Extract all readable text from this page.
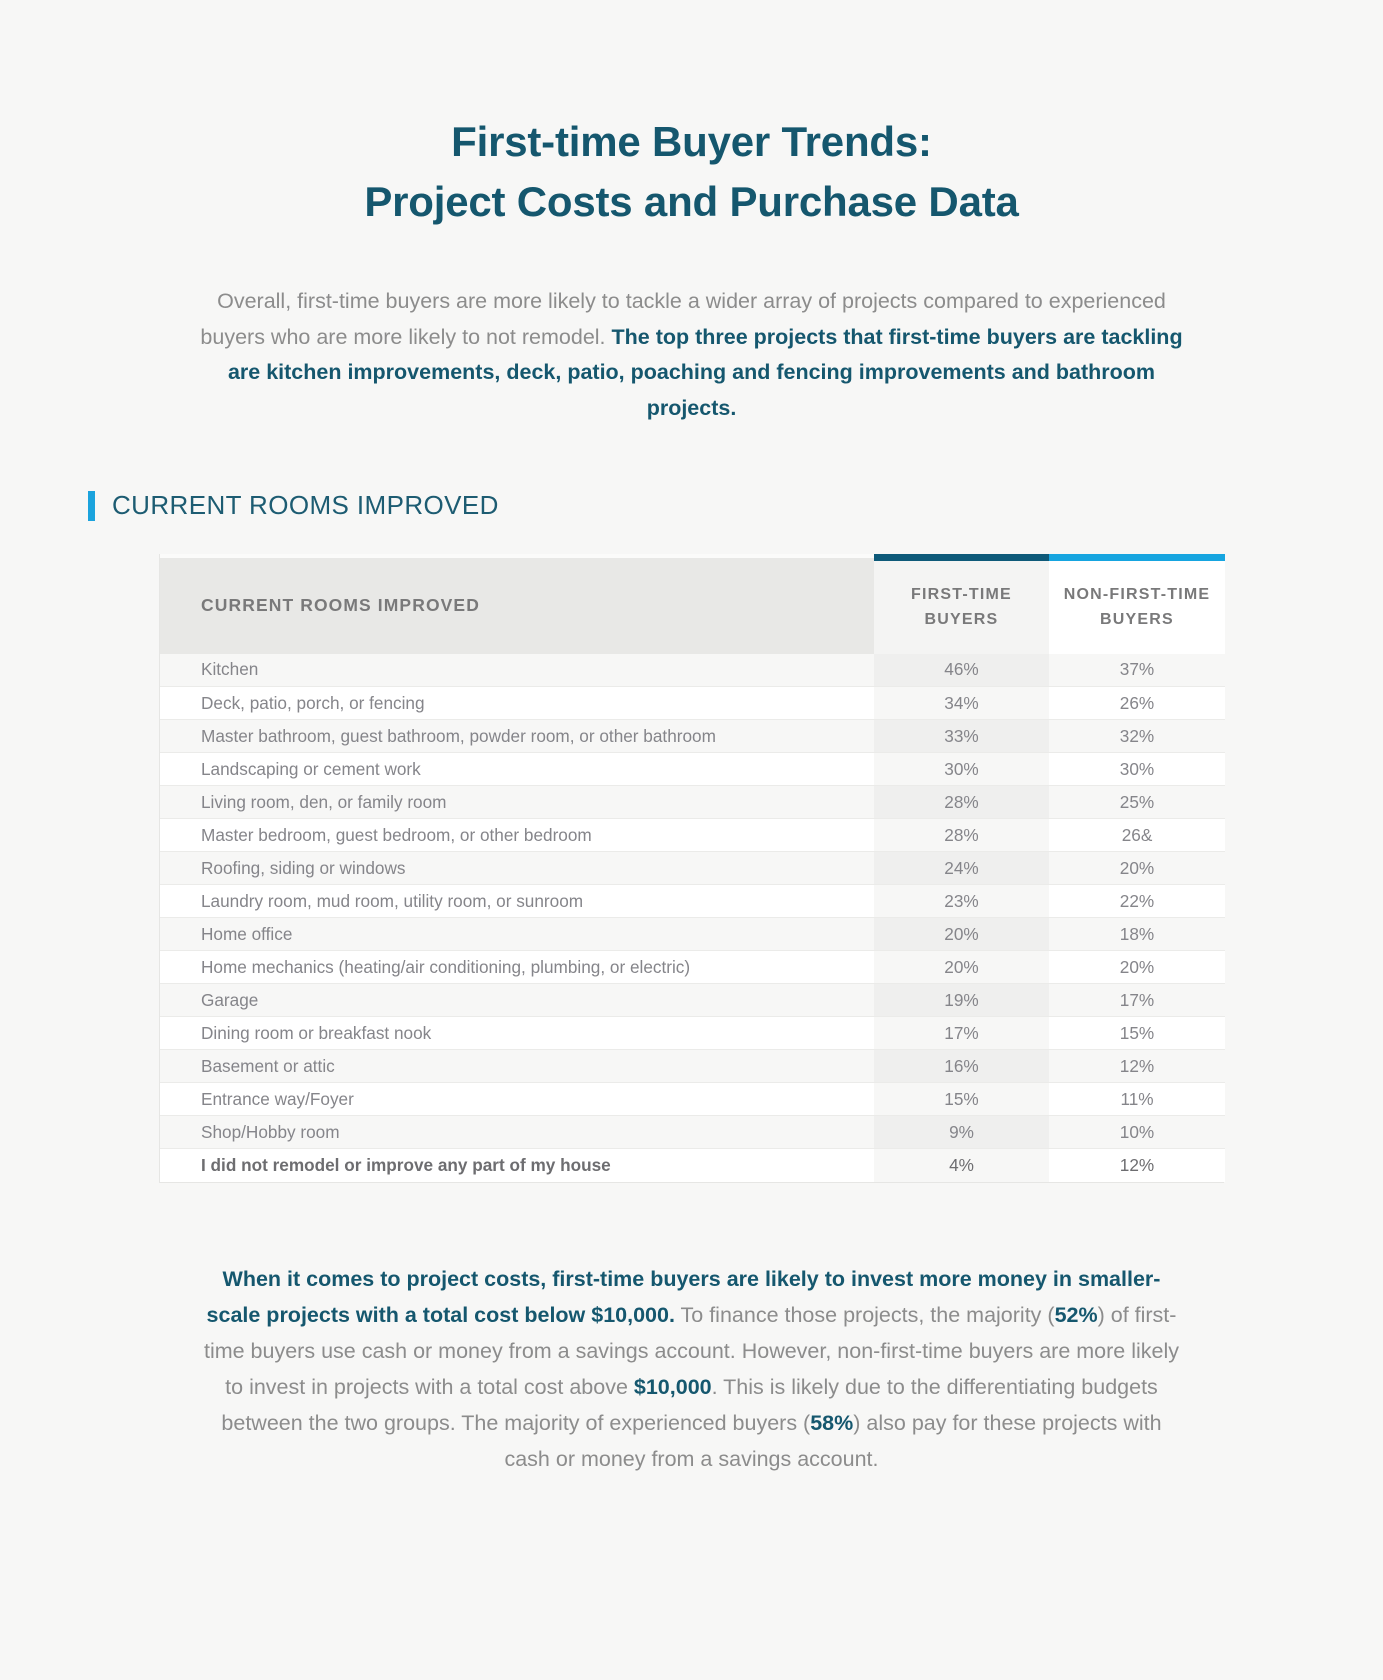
First-time Buyer Trends:
Project Costs and Purchase Data

Overall, first-time buyers are more likely to tackle a wider array of projects compared to experienced buyers who are more likely to not remodel. The top three projects that first-time buyers are tackling are kitchen improvements, deck, patio, poaching and fencing improvements and bathroom projects.

CURRENT ROOMS IMPROVED
CURRENT ROOMS IMPROVED	FIRST-TIME BUYERS	NON-FIRST-TIME BUYERS
Kitchen	46%	37%
Deck, patio, porch, or fencing	34%	26%
Master bathroom, guest bathroom, powder room, or other bathroom	33%	32%
Landscaping or cement work	30%	30%
Living room, den, or family room	28%	25%
Master bedroom, guest bedroom, or other bedroom	28%	26&
Roofing, siding or windows	24%	20%
Laundry room, mud room, utility room, or sunroom	23%	22%
Home office	20%	18%
Home mechanics (heating/air conditioning, plumbing, or electric)	20%	20%
Garage	19%	17%
Dining room or breakfast nook	17%	15%
Basement or attic	16%	12%
Entrance way/Foyer	15%	11%
Shop/Hobby room	9%	10%
I did not remodel or improve any part of my house	4%	12%

When it comes to project costs, first-time buyers are likely to invest more money in smaller-scale projects with a total cost below $10,000. To finance those projects, the majority (52%) of first-time buyers use cash or money from a savings account. However, non-first-time buyers are more likely to invest in projects with a total cost above $10,000. This is likely due to the differentiating budgets between the two groups. The majority of experienced buyers (58%) also pay for these projects with cash or money from a savings account.
